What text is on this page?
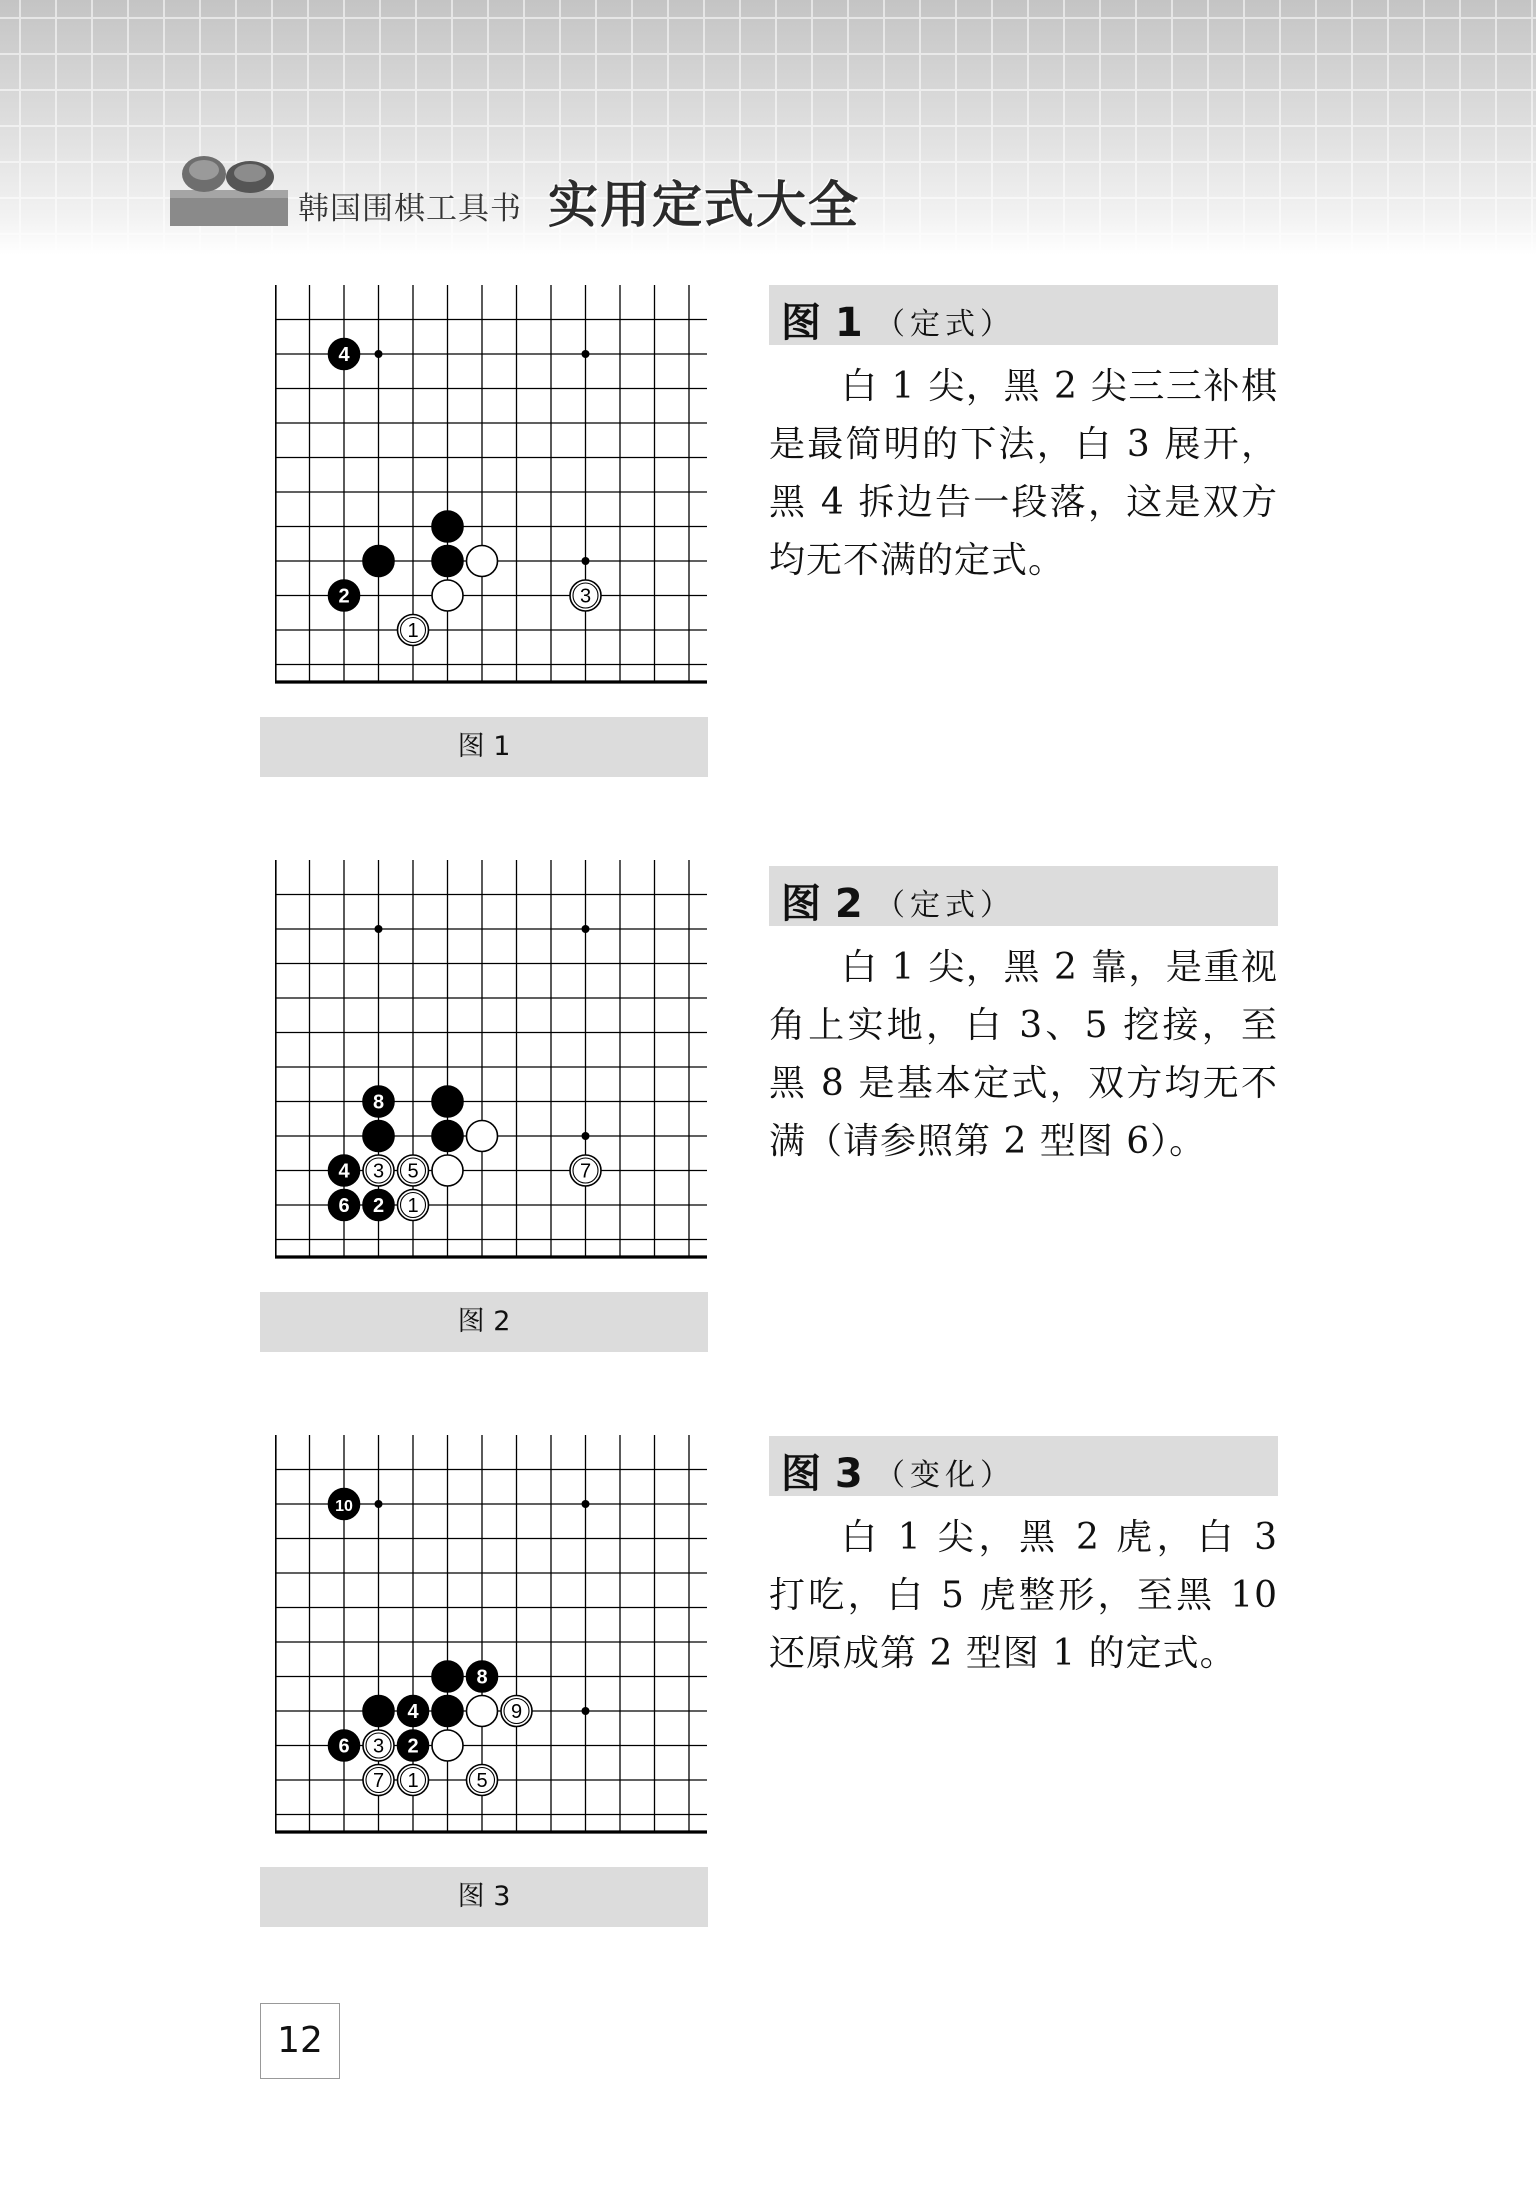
韩国围棋工具书 实用定式大全
4
2	3
1
图 1
图 1 （定式）

白 1 尖，黑 2 尖三三补棋是最简明的下法，白 3 展开，黑 4 拆边告一段落，这是双方均无不满的定式。

8
4 3 5	7
6 2 1
图 2
图 2 （定式）

白 1 尖，黑 2 靠，是重视角上实地，白 3、5 挖接，至黑 8 是基本定式，双方均无不满（请参照第 2 型图 6）。

10
8
4	9
6 3 2
7 1	5
图 3
图 3 （变化）

白 1 尖，黑 2 虎，白 3 打吃，白 5 虎整形，至黑 10 还原成第 2 型图 1 的定式。

12
